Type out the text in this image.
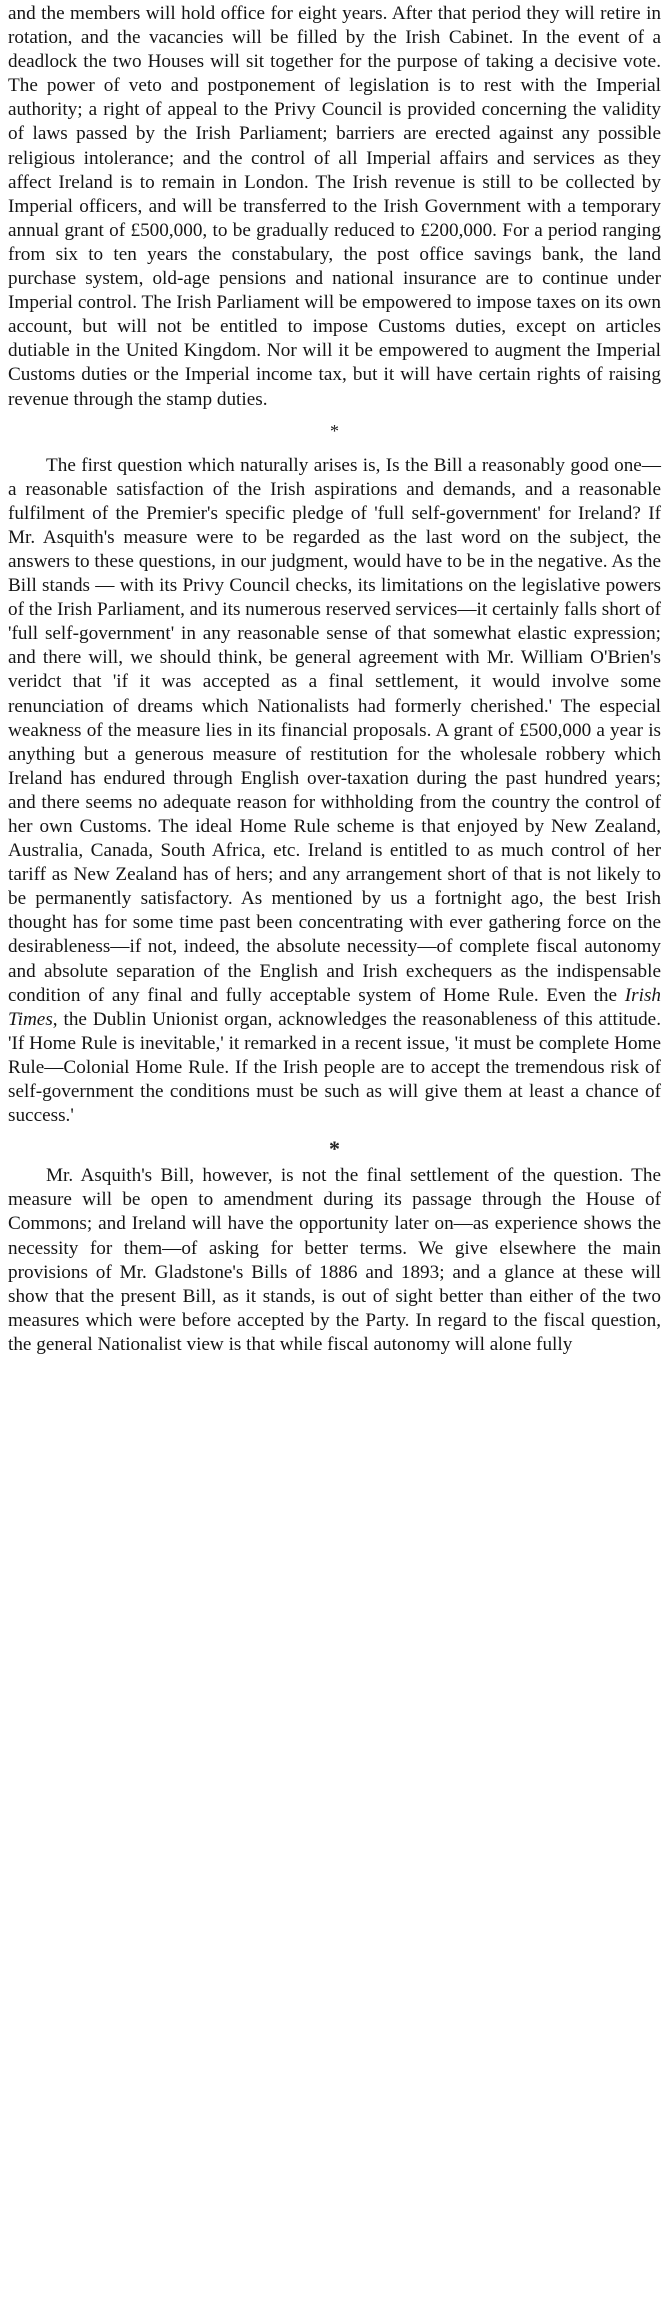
and the members will hold office for eight years. After that period they will retire in rotation, and the vacancies will be filled by the Irish Cabinet. In the event of a deadlock the two Houses will sit together for the purpose of taking a decisive vote. The power of veto and postponement of legislation is to rest with the Imperial authority; a right of appeal to the Privy Council is provided concerning the validity of laws passed by the Irish Parliament; barriers are erected against any possible religious intolerance; and the control of all Imperial affairs and services as they affect Ireland is to remain in London. The Irish revenue is still to be collected by Imperial officers, and will be transferred to the Irish Government with a temporary annual grant of £500,000, to be gradually reduced to £200,000. For a period ranging from six to ten years the constabulary, the post office savings bank, the land purchase system, old-age pensions and national insurance are to continue under Imperial control. The Irish Parliament will be empowered to impose taxes on its own account, but will not be entitled to impose Customs duties, except on articles dutiable in the United Kingdom. Nor will it be empowered to augment the Imperial Customs duties or the Imperial income tax, but it will have certain rights of raising revenue through the stamp duties.

*

The first question which naturally arises is, Is the Bill a reasonably good one—a reasonable satisfaction of the Irish aspirations and demands, and a reasonable fulfilment of the Premier's specific pledge of 'full self-government' for Ireland? If Mr. Asquith's measure were to be regarded as the last word on the subject, the answers to these questions, in our judgment, would have to be in the negative. As the Bill stands — with its Privy Council checks, its limitations on the legislative powers of the Irish Parliament, and its numerous reserved services—it certainly falls short of 'full self-government' in any reasonable sense of that somewhat elastic expression; and there will, we should think, be general agreement with Mr. William O'Brien's veridct that 'if it was accepted as a final settlement, it would involve some renunciation of dreams which Nationalists had formerly cherished.' The especial weakness of the measure lies in its financial proposals. A grant of £500,000 a year is anything but a generous measure of restitution for the wholesale robbery which Ireland has endured through English over-taxation during the past hundred years; and there seems no adequate reason for withholding from the country the control of her own Customs. The ideal Home Rule scheme is that enjoyed by New Zealand, Australia, Canada, South Africa, etc. Ireland is entitled to as much control of her tariff as New Zealand has of hers; and any arrangement short of that is not likely to be permanently satisfactory. As mentioned by us a fortnight ago, the best Irish thought has for some time past been concentrating with ever gathering force on the desirableness—if not, indeed, the absolute necessity—of complete fiscal autonomy and absolute separation of the English and Irish exchequers as the indispensable condition of any final and fully acceptable system of Home Rule. Even the Irish Times, the Dublin Unionist organ, acknowledges the reasonableness of this attitude. 'If Home Rule is inevitable,' it remarked in a recent issue, 'it must be complete Home Rule—Colonial Home Rule. If the Irish people are to accept the tremendous risk of self-government the conditions must be such as will give them at least a chance of success.'

*

Mr. Asquith's Bill, however, is not the final settlement of the question. The measure will be open to amendment during its passage through the House of Commons; and Ireland will have the opportunity later on—as experience shows the necessity for them—of asking for better terms. We give elsewhere the main provisions of Mr. Gladstone's Bills of 1886 and 1893; and a glance at these will show that the present Bill, as it stands, is out of sight better than either of the two measures which were before accepted by the Party. In regard to the fiscal question, the general Nationalist view is that while fiscal autonomy will alone fully
